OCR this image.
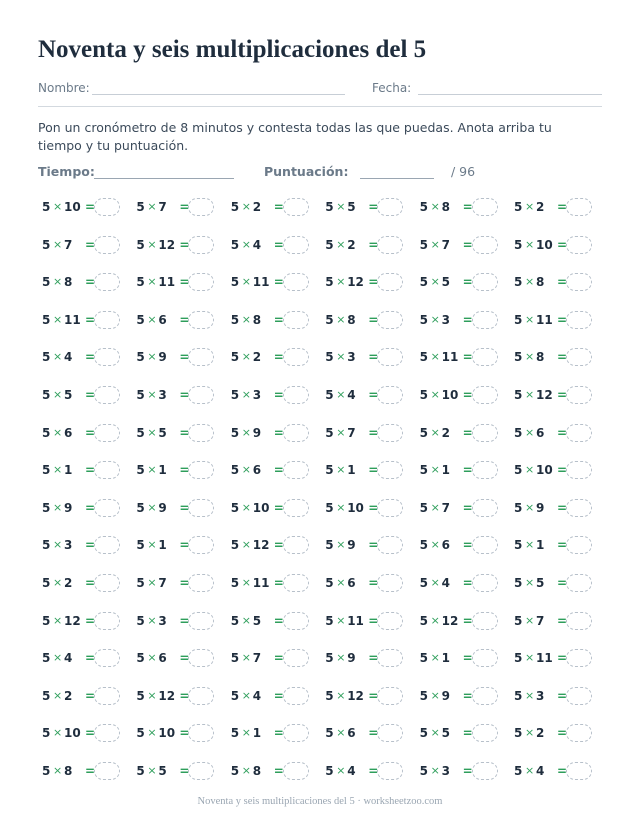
Noventa y seis multiplicaciones del 5
Nombre:	Fecha:
Pon un cronómetro de 8 minutos y contesta todas las que puedas. Anota arriba tu tiempo y tu puntuación.
Tiempo:	Puntuación:	/ 96
5 × 10 =	5 × 7 =	5 × 2 =	5 × 5 =	5 × 8 =	5 × 2 =
5 × 7 =	5 × 12 =	5 × 4 =	5 × 2 =	5 × 7 =	5 × 10 =
5 × 8 =	5 × 11 =	5 × 11 =	5 × 12 =	5 × 5 =	5 × 8 =
5 × 11 =	5 × 6 =	5 × 8 =	5 × 8 =	5 × 3 =	5 × 11 =
5 × 4 =	5 × 9 =	5 × 2 =	5 × 3 =	5 × 11 =	5 × 8 =
5 × 5 =	5 × 3 =	5 × 3 =	5 × 4 =	5 × 10 =	5 × 12 =
5 × 6 =	5 × 5 =	5 × 9 =	5 × 7 =	5 × 2 =	5 × 6 =
5 × 1 =	5 × 1 =	5 × 6 =	5 × 1 =	5 × 1 =	5 × 10 =
5 × 9 =	5 × 9 =	5 × 10 =	5 × 10 =	5 × 7 =	5 × 9 =
5 × 3 =	5 × 1 =	5 × 12 =	5 × 9 =	5 × 6 =	5 × 1 =
5 × 2 =	5 × 7 =	5 × 11 =	5 × 6 =	5 × 4 =	5 × 5 =
5 × 12 =	5 × 3 =	5 × 5 =	5 × 11 =	5 × 12 =	5 × 7 =
5 × 4 =	5 × 6 =	5 × 7 =	5 × 9 =	5 × 1 =	5 × 11 =
5 × 2 =	5 × 12 =	5 × 4 =	5 × 12 =	5 × 9 =	5 × 3 =
5 × 10 =	5 × 10 =	5 × 1 =	5 × 6 =	5 × 5 =	5 × 2 =
5 × 8 =	5 × 5 =	5 × 8 =	5 × 4 =	5 × 3 =	5 × 4 =
Noventa y seis multiplicaciones del 5 · worksheetzoo.com
